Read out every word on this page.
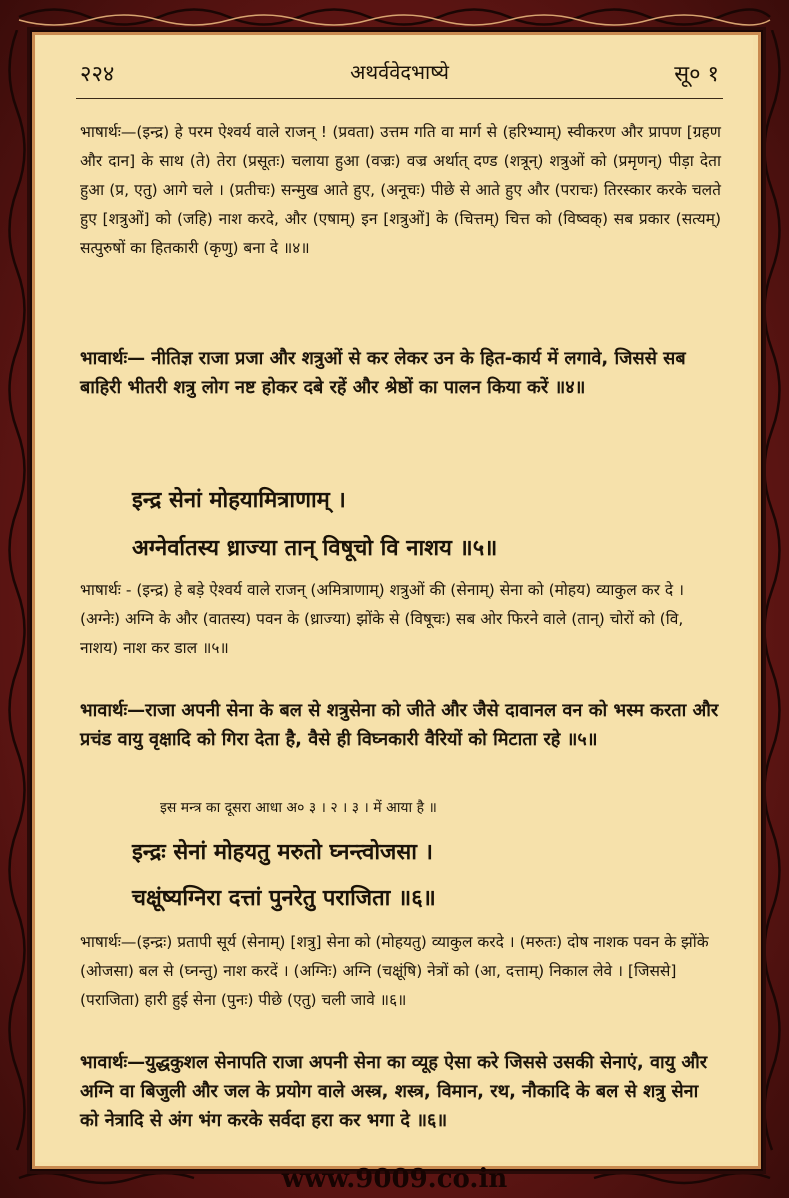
२२४	अथर्ववेदभाष्ये	सू० १
भाषार्थः—(इन्द्र) हे परम ऐश्वर्य वाले राजन् ! (प्रवता) उत्तम गति वा मार्ग से (हरिभ्याम्) स्वीकरण और प्रापण [ग्रहण और दान] के साथ (ते) तेरा (प्रसूतः) चलाया हुआ (वज्रः) वज्र अर्थात् दण्ड (शत्रून्) शत्रुओं को (प्रमृणन्) पीड़ा देता हुआ (प्र, एतु) आगे चले । (प्रतीचः) सन्मुख आते हुए, (अनूचः) पीछे से आते हुए और (पराचः) तिरस्कार करके चलते हुए [शत्रुओं] को (जहि) नाश करदे, और (एषाम्) इन [शत्रुओं] के (चित्तम्) चित्त को (विष्वक्) सब प्रकार (सत्यम्) सत्पुरुषों का हितकारी (कृणु) बना दे ॥४॥
भावार्थः— नीतिज्ञ राजा प्रजा और शत्रुओं से कर लेकर उन के हित-कार्य में लगावे, जिससे सब बाहिरी भीतरी शत्रु लोग नष्ट होकर दबे रहें और श्रेष्ठों का पालन किया करें ॥४॥
इन्द्र सेनां मोहयामित्राणाम् ।
अग्नेर्वातस्य ध्राज्या तान् विषूचो वि नाशय ॥५॥
भाषार्थः - (इन्द्र) हे बड़े ऐश्वर्य वाले राजन् (अमित्राणाम्) शत्रुओं की (सेनाम्) सेना को (मोहय) व्याकुल कर दे । (अग्नेः) अग्नि के और (वातस्य) पवन के (ध्राज्या) झोंके से (विषूचः) सब ओर फिरने वाले (तान्) चोरों को (वि, नाशय) नाश कर डाल ॥५॥
भावार्थः—राजा अपनी सेना के बल से शत्रुसेना को जीते और जैसे दावानल वन को भस्म करता और प्रचंड वायु वृक्षादि को गिरा देता है, वैसे ही विघ्नकारी वैरियों को मिटाता रहे ॥५॥
इस मन्त्र का दूसरा आधा अ० ३ । २ । ३ । में आया है ॥
इन्द्रः सेनां मोहयतु मरुतो घ्नन्त्वोजसा ।
चक्षूंष्यग्निरा दत्तां पुनरेतु पराजिता ॥६॥
भाषार्थः—(इन्द्रः) प्रतापी सूर्य (सेनाम्) [शत्रु] सेना को (मोहयतु) व्याकुल करदे । (मरुतः) दोष नाशक पवन के झोंके (ओजसा) बल से (घ्नन्तु) नाश करदें । (अग्निः) अग्नि (चक्षूंषि) नेत्रों को (आ, दत्ताम्) निकाल लेवे । [जिससे] (पराजिता) हारी हुई सेना (पुनः) पीछे (एतु) चली जावे ॥६॥
भावार्थः—युद्धकुशल सेनापति राजा अपनी सेना का व्यूह ऐसा करे जिससे उसकी सेनाएं, वायु और अग्नि वा बिजुली और जल के प्रयोग वाले अस्त्र, शस्त्र, विमान, रथ, नौकादि के बल से शत्रु सेना को नेत्रादि से अंग भंग करके सर्वदा हरा कर भगा दे ॥६॥
www.9009.co.in
